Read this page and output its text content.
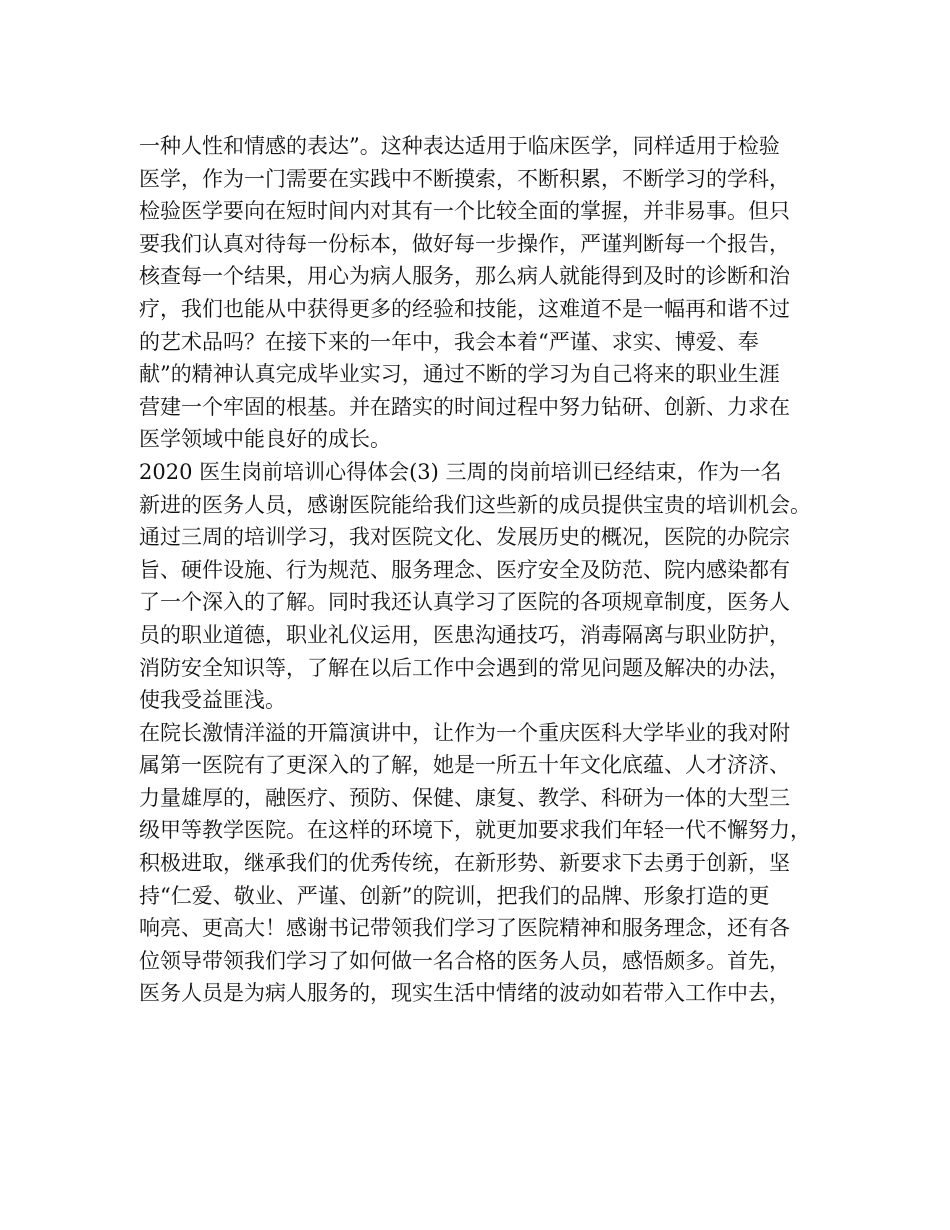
一种人性和情感的表达”。这种表达适用于临床医学，同样适用于检验
医学，作为一门需要在实践中不断摸索，不断积累，不断学习的学科，
检验医学要向在短时间内对其有一个比较全面的掌握，并非易事。但只
要我们认真对待每一份标本，做好每一步操作，严谨判断每一个报告，
核查每一个结果，用心为病人服务，那么病人就能得到及时的诊断和治
疗，我们也能从中获得更多的经验和技能，这难道不是一幅再和谐不过
的艺术品吗？在接下来的一年中，我会本着“严谨、求实、博爱、奉
献”的精神认真完成毕业实习，通过不断的学习为自己将来的职业生涯
营建一个牢固的根基。并在踏实的时间过程中努力钻研、创新、力求在
医学领域中能良好的成长。
2020 医生岗前培训心得体会(3) 三周的岗前培训已经结束，作为一名
新进的医务人员，感谢医院能给我们这些新的成员提供宝贵的培训机会。
通过三周的培训学习，我对医院文化、发展历史的概况，医院的办院宗
旨、硬件设施、行为规范、服务理念、医疗安全及防范、院内感染都有
了一个深入的了解。同时我还认真学习了医院的各项规章制度，医务人
员的职业道德，职业礼仪运用，医患沟通技巧，消毒隔离与职业防护，
消防安全知识等，了解在以后工作中会遇到的常见问题及解决的办法，
使我受益匪浅。
在院长激情洋溢的开篇演讲中，让作为一个重庆医科大学毕业的我对附
属第一医院有了更深入的了解，她是一所五十年文化底蕴、人才济济、
力量雄厚的，融医疗、预防、保健、康复、教学、科研为一体的大型三
级甲等教学医院。在这样的环境下，就更加要求我们年轻一代不懈努力，
积极进取，继承我们的优秀传统，在新形势、新要求下去勇于创新，坚
持“仁爱、敬业、严谨、创新”的院训，把我们的品牌、形象打造的更
响亮、更高大！感谢书记带领我们学习了医院精神和服务理念，还有各
位领导带领我们学习了如何做一名合格的医务人员，感悟颇多。首先，
医务人员是为病人服务的，现实生活中情绪的波动如若带入工作中去，
